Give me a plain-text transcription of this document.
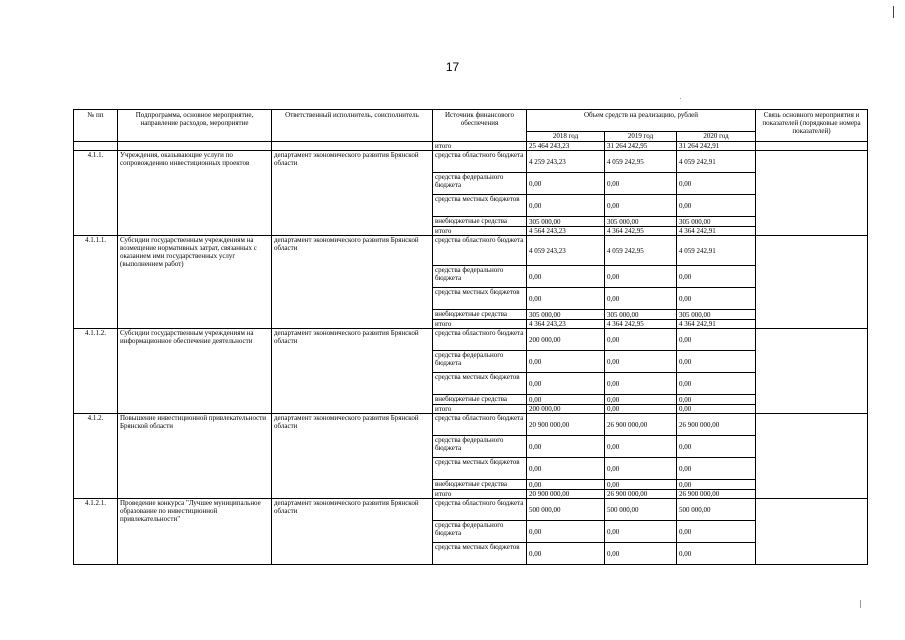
17
№ пп	Подпрограмма, основное мероприятие, направление расходов, мероприятие	Ответственный исполнитель, соисполнитель	Источник финансового обеспечения	Объем средств на реализацию, рублей			Связь основного мероприятия и показателей (порядковые номера показателей)
				2018 год	2019 год	2020 год	
			итого	25 464 243,23	31 264 242,95	31 264 242,91	
4.1.1.	Учреждения, оказывающие услуги по сопровождению инвестиционных проектов	департамент экономического развития Брянской области	средства областного бюджета	4 259 243,23	4 059 242,95	4 059 242,91	
			средства федерального бюджета	0,00	0,00	0,00	
			средства местных бюджетов	0,00	0,00	0,00	
			внебюджетные средства	305 000,00	305 000,00	305 000,00	
			итого	4 564 243,23	4 364 242,95	4 364 242,91	
4.1.1.1.	Субсидии государственным учреждениям на возмещение нормативных затрат, связанных с оказанием ими государственных услуг (выполнением работ)	департамент экономического развития Брянской области	средства областного бюджета	4 059 243,23	4 059 242,95	4 059 242,91	
			средства федерального бюджета	0,00	0,00	0,00	
			средства местных бюджетов	0,00	0,00	0,00	
			внебюджетные средства	305 000,00	305 000,00	305 000,00	
			итого	4 364 243,23	4 364 242,95	4 364 242,91	
4.1.1.2.	Субсидии государственным учреждениям на информационное обеспечение деятельности	департамент экономического развития Брянской области	средства областного бюджета	200 000,00	0,00	0,00	
			средства федерального бюджета	0,00	0,00	0,00	
			средства местных бюджетов	0,00	0,00	0,00	
			внебюджетные средства	0,00	0,00	0,00	
			итого	200 000,00	0,00	0,00	
4.1.2.	Повышение инвестиционной привлекательности Брянской области	департамент экономического развития Брянской области	средства областного бюджета	20 900 000,00	26 900 000,00	26 900 000,00	
			средства федерального бюджета	0,00	0,00	0,00	
			средства местных бюджетов	0,00	0,00	0,00	
			внебюджетные средства	0,00	0,00	0,00	
			итого	20 900 000,00	26 900 000,00	26 900 000,00	
4.1.2.1.	Проведение конкурса "Лучшее муниципальное образование по инвестиционной привлекательности"	департамент экономического развития Брянской области	средства областного бюджета	500 000,00	500 000,00	500 000,00	
			средства федерального бюджета	0,00	0,00	0,00	
			средства местных бюджетов	0,00	0,00	0,00	
